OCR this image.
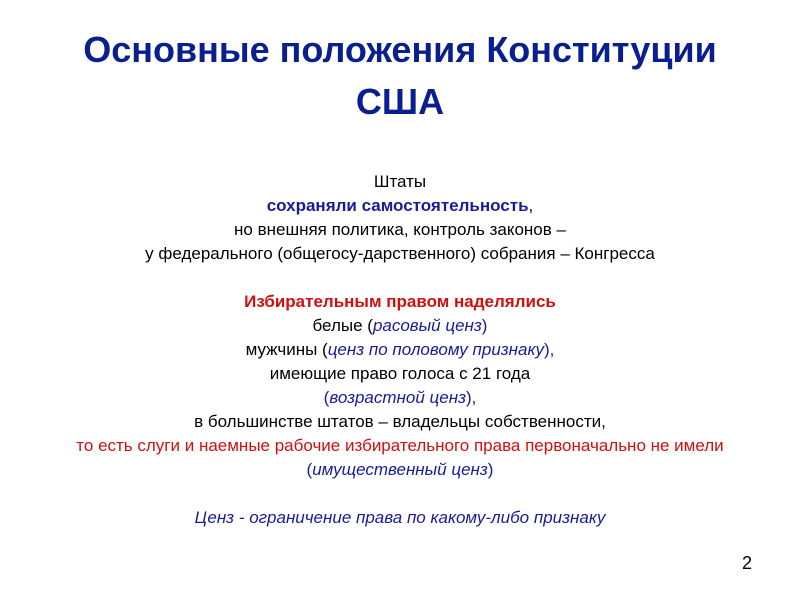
Основные положения Конституции
США
Штаты
сохраняли самостоятельность,
но внешняя политика, контроль законов –
у федерального (общегосу-дарственного) собрания – Конгресса
Избирательным правом наделялись
белые (расовый ценз)
мужчины (ценз по половому признаку),
имеющие право голоса с 21 года
(возрастной ценз),
в большинстве штатов – владельцы собственности,
то есть слуги и наемные рабочие избирательного права первоначально не имели
(имущественный ценз)
Ценз - ограничение права по какому-либо признаку
2
